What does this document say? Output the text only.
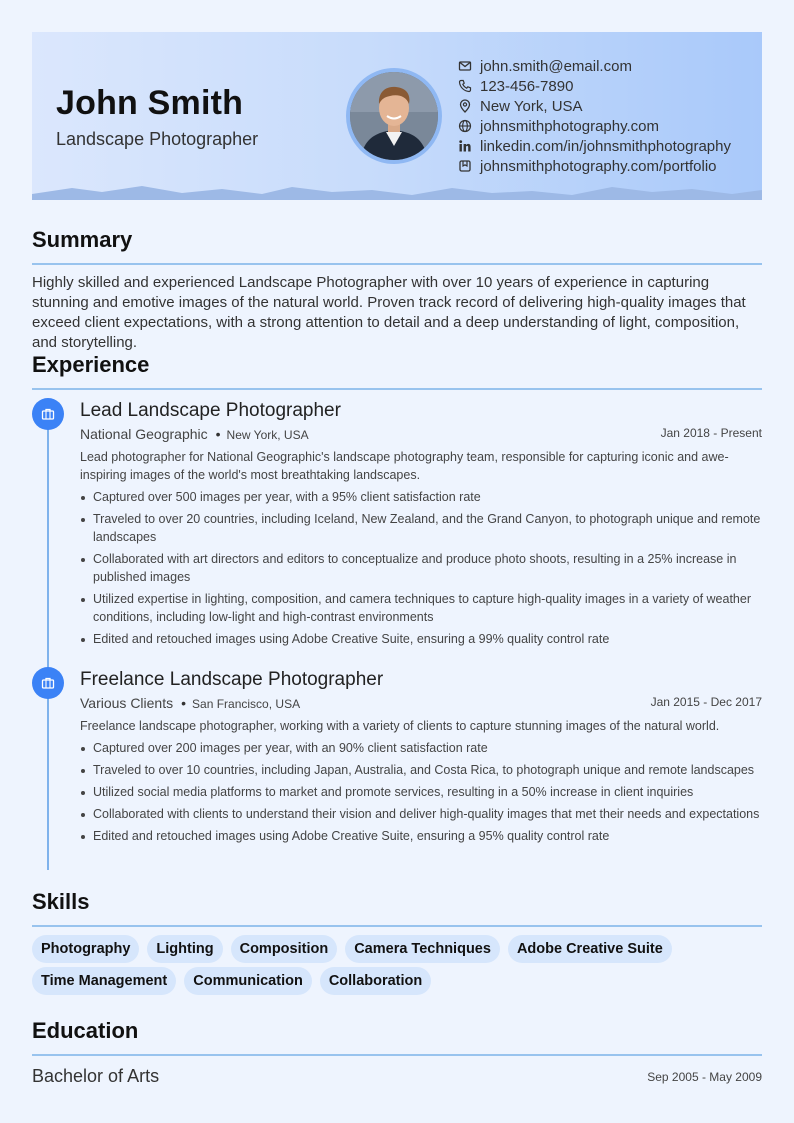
John Smith
Landscape Photographer
john.smith@email.com
123-456-7890
New York, USA
johnsmithphotography.com
linkedin.com/in/johnsmithphotography
johnsmithphotography.com/portfolio
Summary
Highly skilled and experienced Landscape Photographer with over 10 years of experience in capturing stunning and emotive images of the natural world. Proven track record of delivering high-quality images that exceed client expectations, with a strong attention to detail and a deep understanding of light, composition, and storytelling.
Experience
Lead Landscape Photographer
National Geographic • New York, USA	Jan 2018 - Present
Lead photographer for National Geographic's landscape photography team, responsible for capturing iconic and awe-inspiring images of the world's most breathtaking landscapes.
Captured over 500 images per year, with a 95% client satisfaction rate
Traveled to over 20 countries, including Iceland, New Zealand, and the Grand Canyon, to photograph unique and remote landscapes
Collaborated with art directors and editors to conceptualize and produce photo shoots, resulting in a 25% increase in published images
Utilized expertise in lighting, composition, and camera techniques to capture high-quality images in a variety of weather conditions, including low-light and high-contrast environments
Edited and retouched images using Adobe Creative Suite, ensuring a 99% quality control rate
Freelance Landscape Photographer
Various Clients • San Francisco, USA	Jan 2015 - Dec 2017
Freelance landscape photographer, working with a variety of clients to capture stunning images of the natural world.
Captured over 200 images per year, with an 90% client satisfaction rate
Traveled to over 10 countries, including Japan, Australia, and Costa Rica, to photograph unique and remote landscapes
Utilized social media platforms to market and promote services, resulting in a 50% increase in client inquiries
Collaborated with clients to understand their vision and deliver high-quality images that met their needs and expectations
Edited and retouched images using Adobe Creative Suite, ensuring a 95% quality control rate
Skills
Photography	Lighting	Composition	Camera Techniques	Adobe Creative Suite
Time Management	Communication	Collaboration
Education
Bachelor of Arts	Sep 2005 - May 2009
